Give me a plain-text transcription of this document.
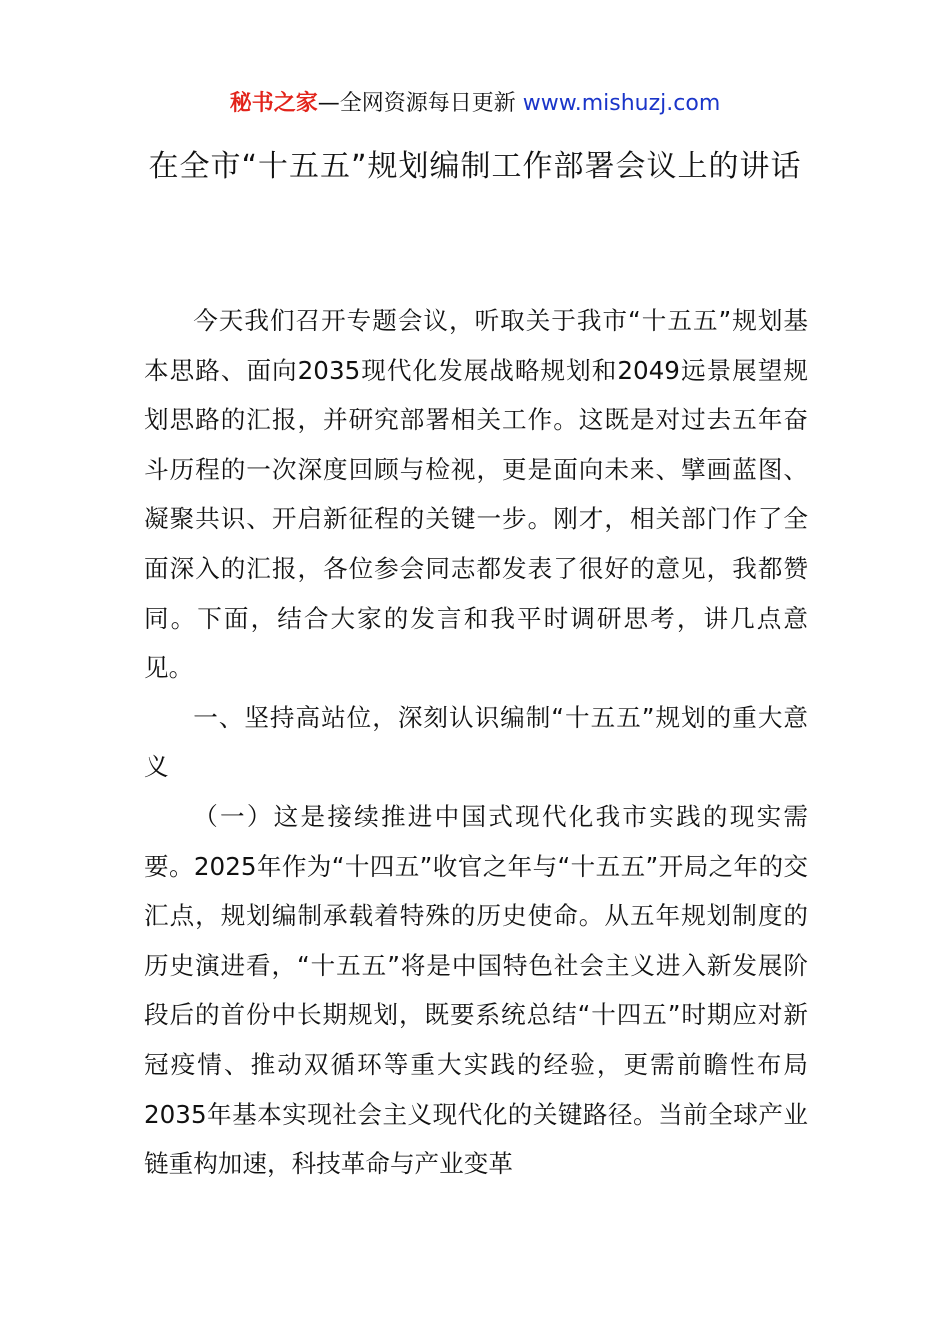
秘书之家—全网资源每日更新 www.mishuzj.com
在全市“十五五”规划编制工作部署会议上的讲话

今天我们召开专题会议，听取关于我市“十五五”规划基本思路、面向2035现代化发展战略规划和2049远景展望规划思路的汇报，并研究部署相关工作。这既是对过去五年奋斗历程的一次深度回顾与检视，更是面向未来、擘画蓝图、凝聚共识、开启新征程的关键一步。刚才，相关部门作了全面深入的汇报，各位参会同志都发表了很好的意见，我都赞同。下面，结合大家的发言和我平时调研思考，讲几点意见。

一、坚持高站位，深刻认识编制“十五五”规划的重大意义

（一）这是接续推进中国式现代化我市实践的现实需要。2025年作为“十四五”收官之年与“十五五”开局之年的交汇点，规划编制承载着特殊的历史使命。从五年规划制度的历史演进看，“十五五”将是中国特色社会主义进入新发展阶段后的首份中长期规划，既要系统总结“十四五”时期应对新冠疫情、推动双循环等重大实践的经验，更需前瞻性布局2035年基本实现社会主义现代化的关键路径。当前全球产业链重构加速，科技革命与产业变革
